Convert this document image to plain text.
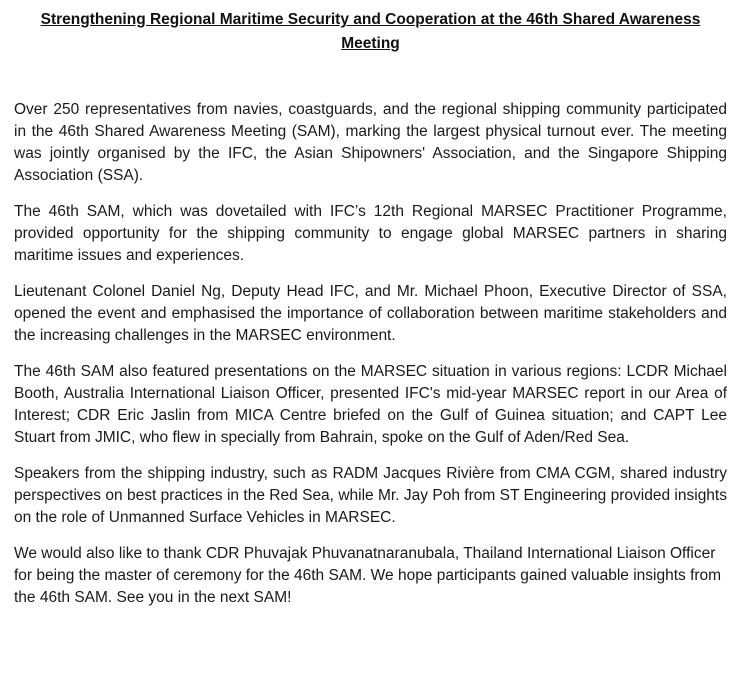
Strengthening Regional Maritime Security and Cooperation at the 46th Shared Awareness Meeting

Over 250 representatives from navies, coastguards, and the regional shipping community participated in the 46th Shared Awareness Meeting (SAM), marking the largest physical turnout ever. The meeting was jointly organised by the IFC, the Asian Shipowners' Association, and the Singapore Shipping Association (SSA).

The 46th SAM, which was dovetailed with IFC’s 12th Regional MARSEC Practitioner Programme, provided opportunity for the shipping community to engage global MARSEC partners in sharing maritime issues and experiences.

Lieutenant Colonel Daniel Ng, Deputy Head IFC, and Mr. Michael Phoon, Executive Director of SSA, opened the event and emphasised the importance of collaboration between maritime stakeholders and the increasing challenges in the MARSEC environment.

The 46th SAM also featured presentations on the MARSEC situation in various regions: LCDR Michael Booth, Australia International Liaison Officer, presented IFC's mid-year MARSEC report in our Area of Interest; CDR Eric Jaslin from MICA Centre briefed on the Gulf of Guinea situation; and CAPT Lee Stuart from JMIC, who flew in specially from Bahrain, spoke on the Gulf of Aden/Red Sea.

Speakers from the shipping industry, such as RADM Jacques Rivière from CMA CGM, shared industry perspectives on best practices in the Red Sea, while Mr. Jay Poh from ST Engineering provided insights on the role of Unmanned Surface Vehicles in MARSEC.

We would also like to thank CDR Phuvajak Phuvanatnaranubala, Thailand International Liaison Officer for being the master of ceremony for the 46th SAM. We hope participants gained valuable insights from the 46th SAM. See you in the next SAM!
